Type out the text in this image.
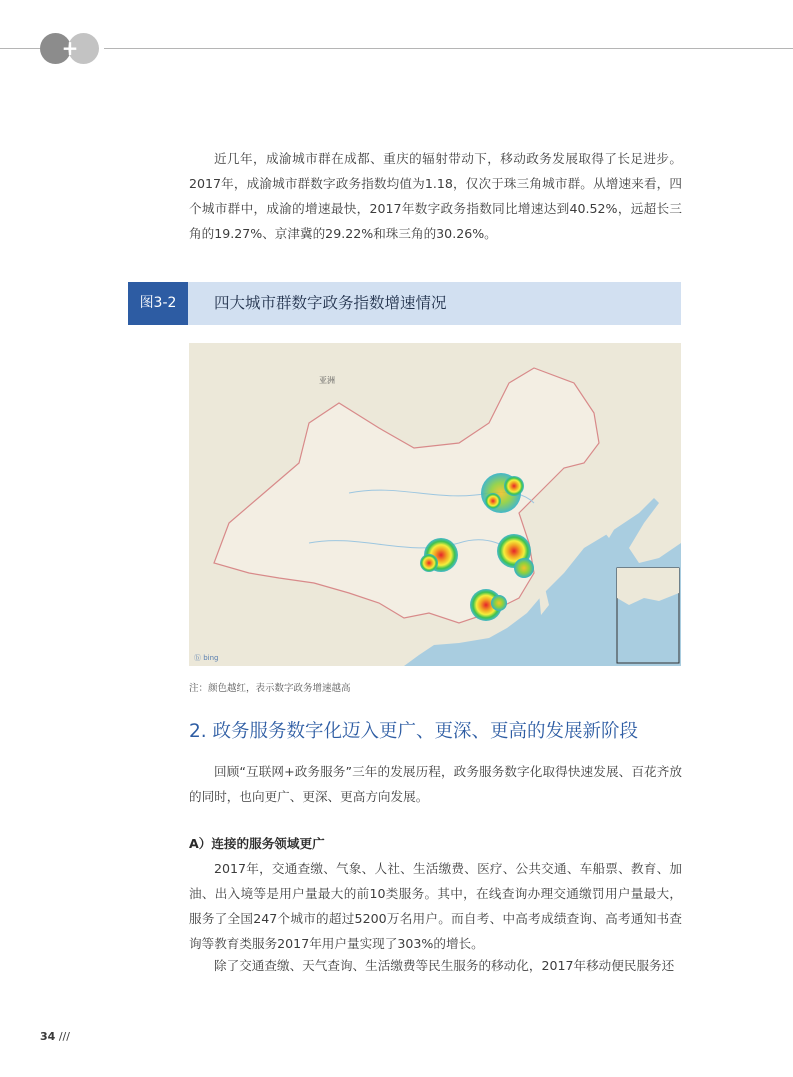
+

近几年，成渝城市群在成都、重庆的辐射带动下，移动政务发展取得了长足进步。2017年，成渝城市群数字政务指数均值为1.18，仅次于珠三角城市群。从增速来看，四个城市群中，成渝的增速最快，2017年数字政务指数同比增速达到40.52%，远超长三角的19.27%、京津冀的29.22%和珠三角的30.26%。

图3-2	四大城市群数字政务指数增速情况
亚洲
ⓑ bing
注：颜色越红，表示数字政务增速越高
2. 政务服务数字化迈入更广、更深、更高的发展新阶段

回顾“互联网+政务服务”三年的发展历程，政务服务数字化取得快速发展、百花齐放的同时，也向更广、更深、更高方向发展。

A）连接的服务领域更广

2017年，交通查缴、气象、人社、生活缴费、医疗、公共交通、车船票、教育、加油、出入境等是用户量最大的前10类服务。其中，在线查询办理交通缴罚用户量最大，服务了全国247个城市的超过5200万名用户。而自考、中高考成绩查询、高考通知书查询等教育类服务2017年用户量实现了303%的增长。

除了交通查缴、天气查询、生活缴费等民生服务的移动化，2017年移动便民服务还

34 ///
